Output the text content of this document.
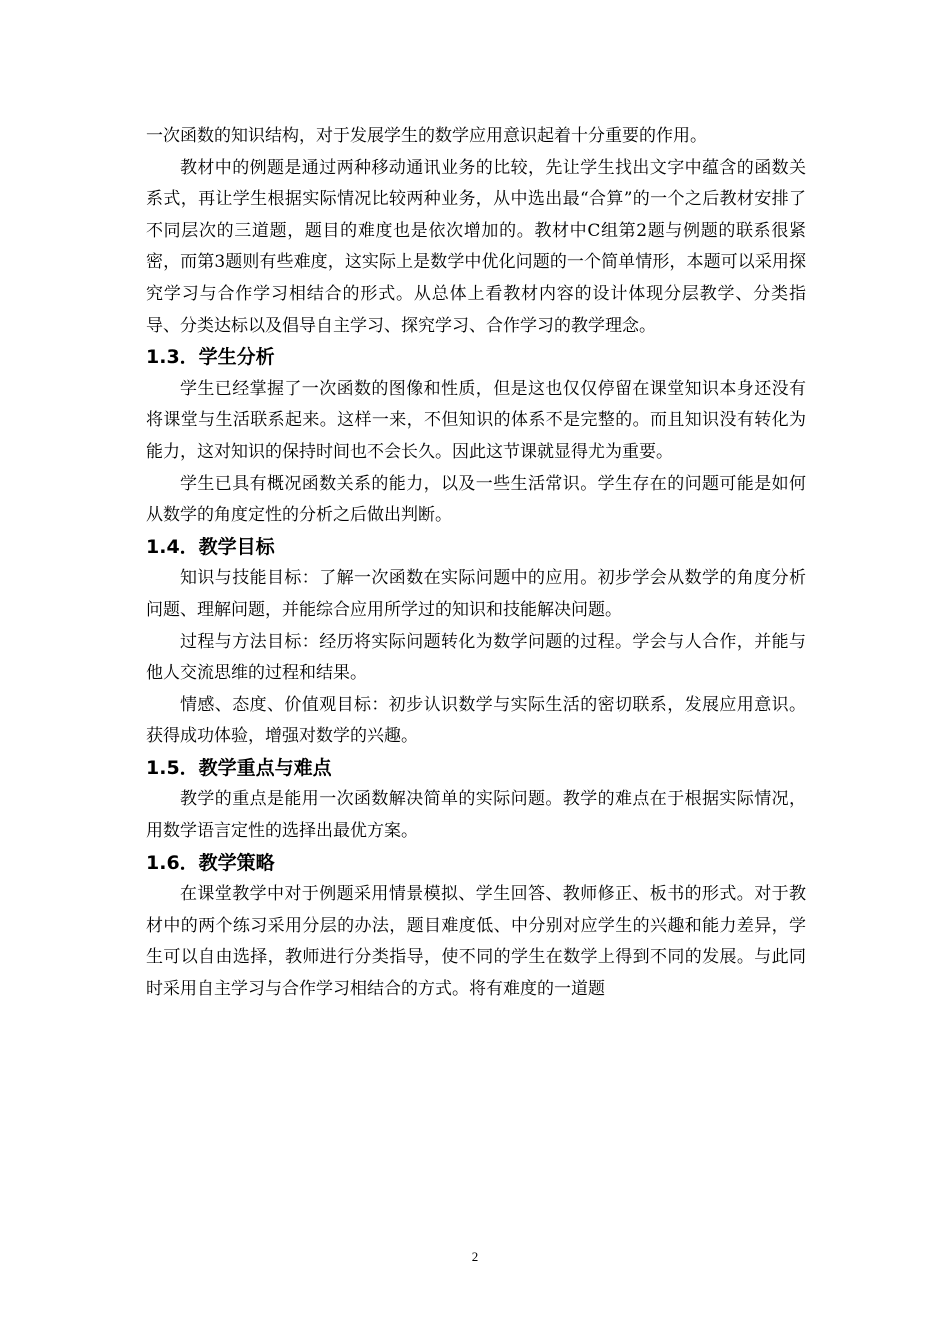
一次函数的知识结构，对于发展学生的数学应用意识起着十分重要的作用。

教材中的例题是通过两种移动通讯业务的比较，先让学生找出文字中蕴含的函数关系式，再让学生根据实际情况比较两种业务，从中选出最“合算”的一个之后教材安排了不同层次的三道题，题目的难度也是依次增加的。教材中C组第2题与例题的联系很紧密，而第3题则有些难度，这实际上是数学中优化问题的一个简单情形，本题可以采用探究学习与合作学习相结合的形式。从总体上看教材内容的设计体现分层教学、分类指导、分类达标以及倡导自主学习、探究学习、合作学习的教学理念。

1.3．学生分析

学生已经掌握了一次函数的图像和性质，但是这也仅仅停留在课堂知识本身还没有将课堂与生活联系起来。这样一来，不但知识的体系不是完整的。而且知识没有转化为能力，这对知识的保持时间也不会长久。因此这节课就显得尤为重要。

学生已具有概况函数关系的能力，以及一些生活常识。学生存在的问题可能是如何从数学的角度定性的分析之后做出判断。

1.4．教学目标

知识与技能目标：了解一次函数在实际问题中的应用。初步学会从数学的角度分析问题、理解问题，并能综合应用所学过的知识和技能解决问题。

过程与方法目标：经历将实际问题转化为数学问题的过程。学会与人合作，并能与他人交流思维的过程和结果。

情感、态度、价值观目标：初步认识数学与实际生活的密切联系，发展应用意识。获得成功体验，增强对数学的兴趣。

1.5．教学重点与难点

教学的重点是能用一次函数解决简单的实际问题。教学的难点在于根据实际情况，用数学语言定性的选择出最优方案。

1.6．教学策略

在课堂教学中对于例题采用情景模拟、学生回答、教师修正、板书的形式。对于教材中的两个练习采用分层的办法，题目难度低、中分别对应学生的兴趣和能力差异，学生可以自由选择，教师进行分类指导，使不同的学生在数学上得到不同的发展。与此同时采用自主学习与合作学习相结合的方式。将有难度的一道题

2
